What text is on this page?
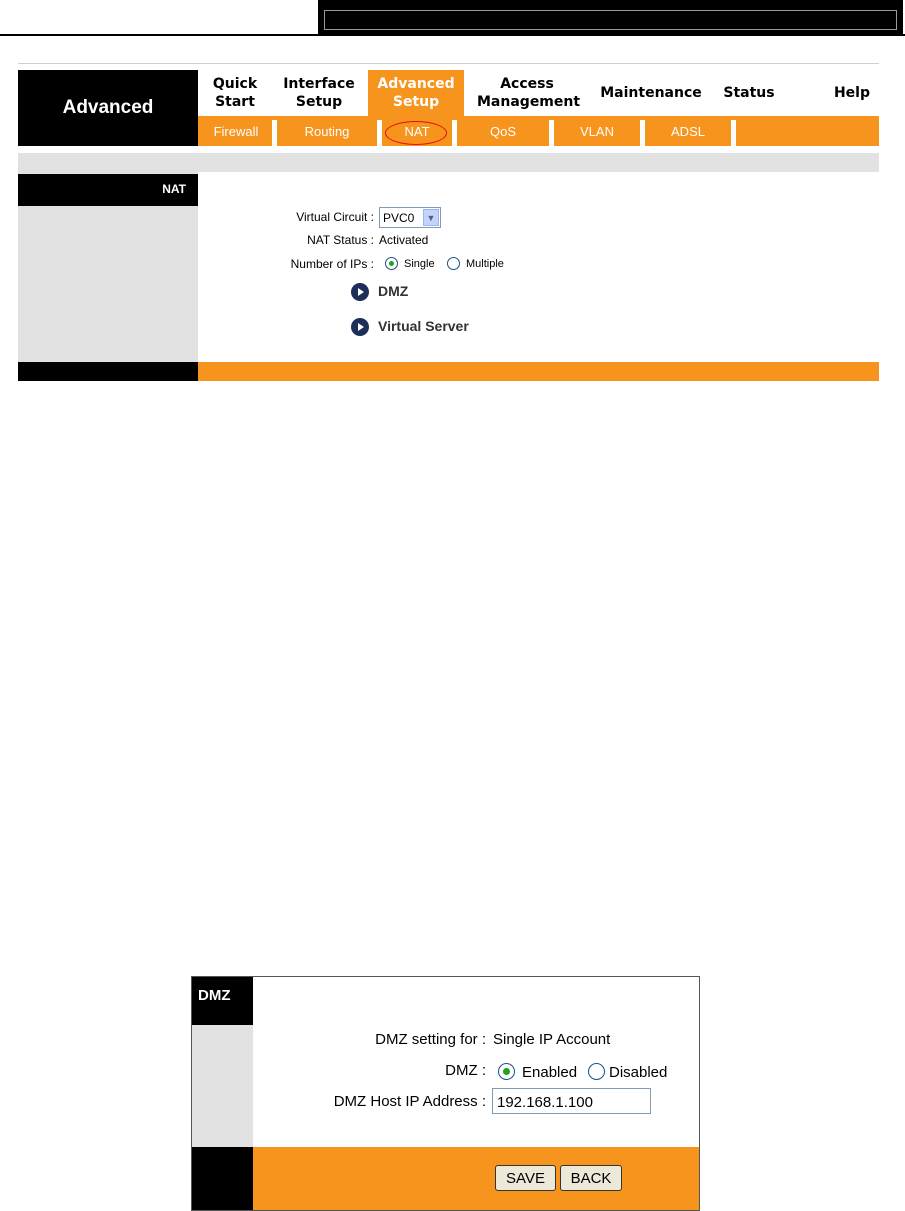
Advanced
Quick Start
Interface Setup
Advanced Setup
Access Management
Maintenance Status	Help
Firewall	Routing	NAT	QoS	VLAN	ADSL
NAT
Virtual Circuit : PVC0	▼
NAT Status : Activated
Number of IPs :	Single	Multiple
DMZ
Virtual Server
DMZ
DMZ setting for : Single IP Account
DMZ : Enabled Disabled
DMZ Host IP Address :
192.168.1.100
SAVE	BACK
